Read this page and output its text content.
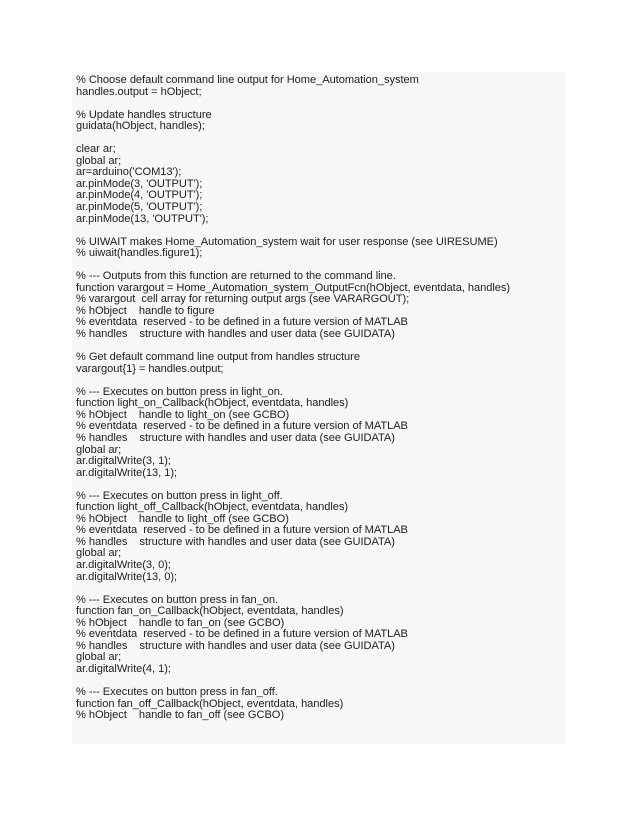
% Choose default command line output for Home_Automation_system
handles.output = hObject;
% Update handles structure
guidata(hObject, handles);
clear ar;
global ar;
ar=arduino('COM13');
ar.pinMode(3, 'OUTPUT');
ar.pinMode(4, 'OUTPUT');
ar.pinMode(5, 'OUTPUT');
ar.pinMode(13, 'OUTPUT');
% UIWAIT makes Home_Automation_system wait for user response (see UIRESUME)
% uiwait(handles.figure1);
% --- Outputs from this function are returned to the command line.
function varargout = Home_Automation_system_OutputFcn(hObject, eventdata, handles)
% varargout  cell array for returning output args (see VARARGOUT);
% hObject    handle to figure
% eventdata  reserved - to be defined in a future version of MATLAB
% handles    structure with handles and user data (see GUIDATA)
% Get default command line output from handles structure
varargout{1} = handles.output;
% --- Executes on button press in light_on.
function light_on_Callback(hObject, eventdata, handles)
% hObject    handle to light_on (see GCBO)
% eventdata  reserved - to be defined in a future version of MATLAB
% handles    structure with handles and user data (see GUIDATA)
global ar;
ar.digitalWrite(3, 1);
ar.digitalWrite(13, 1);
% --- Executes on button press in light_off.
function light_off_Callback(hObject, eventdata, handles)
% hObject    handle to light_off (see GCBO)
% eventdata  reserved - to be defined in a future version of MATLAB
% handles    structure with handles and user data (see GUIDATA)
global ar;
ar.digitalWrite(3, 0);
ar.digitalWrite(13, 0);
% --- Executes on button press in fan_on.
function fan_on_Callback(hObject, eventdata, handles)
% hObject    handle to fan_on (see GCBO)
% eventdata  reserved - to be defined in a future version of MATLAB
% handles    structure with handles and user data (see GUIDATA)
global ar;
ar.digitalWrite(4, 1);
% --- Executes on button press in fan_off.
function fan_off_Callback(hObject, eventdata, handles)
% hObject    handle to fan_off (see GCBO)
